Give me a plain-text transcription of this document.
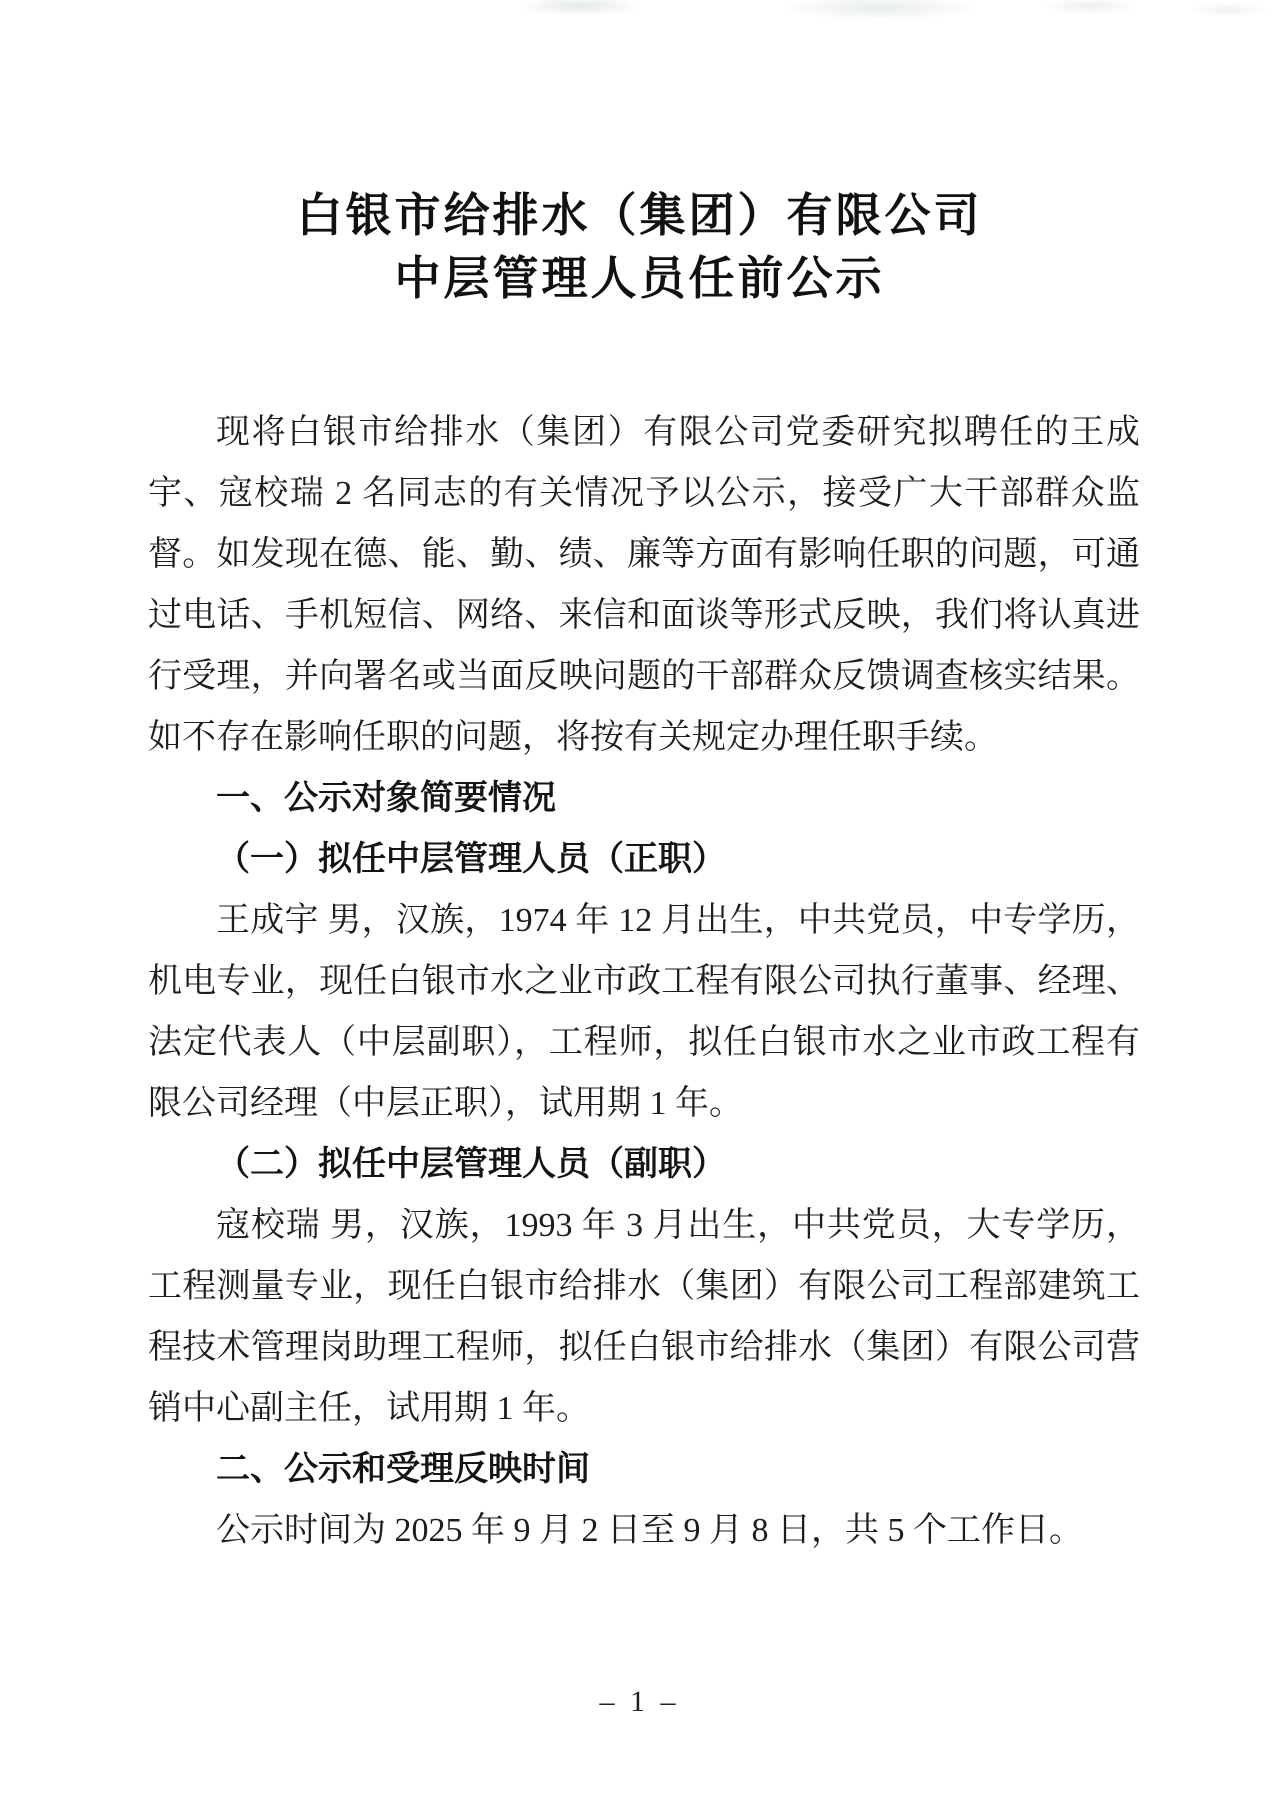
白银市给排水（集团）有限公司
中层管理人员任前公示

现将白银市给排水（集团）有限公司党委研究拟聘任的王成宇、寇校瑞 2 名同志的有关情况予以公示，接受广大干部群众监督。如发现在德、能、勤、绩、廉等方面有影响任职的问题，可通过电话、手机短信、网络、来信和面谈等形式反映，我们将认真进行受理，并向署名或当面反映问题的干部群众反馈调查核实结果。如不存在影响任职的问题，将按有关规定办理任职手续。

一、公示对象简要情况

（一）拟任中层管理人员（正职）

王成宇 男，汉族，1974 年 12 月出生，中共党员，中专学历，机电专业，现任白银市水之业市政工程有限公司执行董事、经理、法定代表人（中层副职），工程师，拟任白银市水之业市政工程有限公司经理（中层正职），试用期 1 年。

（二）拟任中层管理人员（副职）

寇校瑞 男，汉族，1993 年 3 月出生，中共党员，大专学历，工程测量专业，现任白银市给排水（集团）有限公司工程部建筑工程技术管理岗助理工程师，拟任白银市给排水（集团）有限公司营销中心副主任，试用期 1 年。

二、公示和受理反映时间

公示时间为 2025 年 9 月 2 日至 9 月 8 日，共 5 个工作日。

– 1 –
